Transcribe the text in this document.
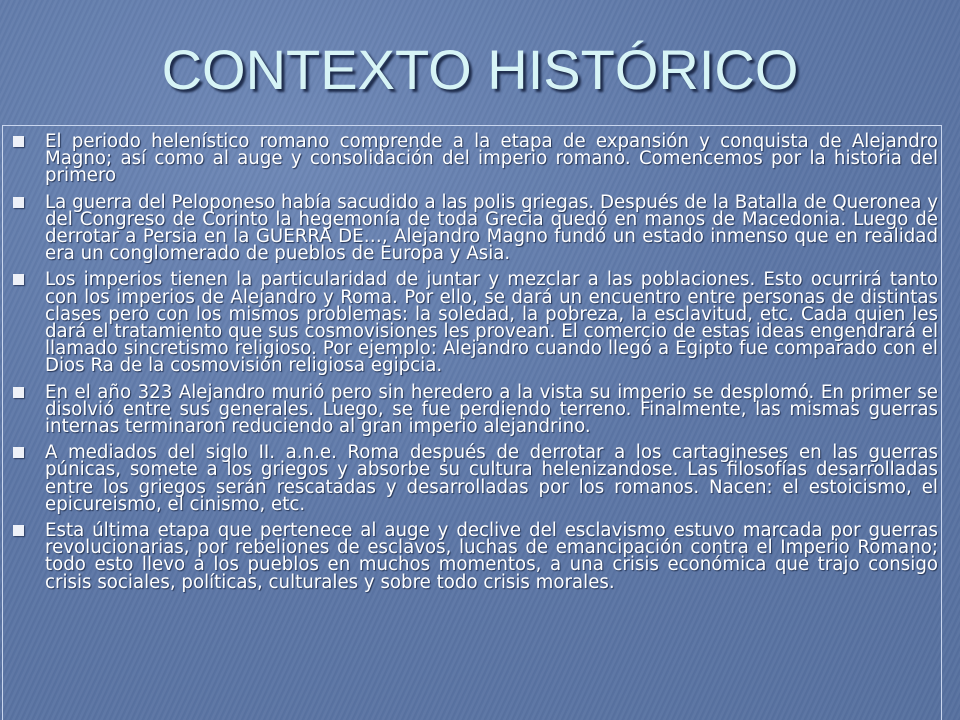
CONTEXTO HISTÓRICO
El periodo helenístico romano comprende a la etapa de expansión y conquista de Alejandro Magno; así como al auge y consolidación del imperio romano. Comencemos por la historia del primero
La guerra del Peloponeso había sacudido a las polis griegas. Después de la Batalla de Queronea y del Congreso de Corinto la hegemonía de toda Grecia quedó en manos de Macedonia. Luego de derrotar a Persia en la GUERRA DE…, Alejandro Magno fundó un estado inmenso que en realidad era un conglomerado de pueblos de Europa y Asia.
Los imperios tienen la particularidad de juntar y mezclar a las poblaciones. Esto ocurrirá tanto con los imperios de Alejandro y Roma. Por ello, se dará un encuentro entre personas de distintas clases pero con los mismos problemas: la soledad, la pobreza, la esclavitud, etc. Cada quien les dará el tratamiento que sus cosmovisiones les provean. El comercio de estas ideas engendrará el llamado sincretismo religioso. Por ejemplo: Alejandro cuando llegó a Egipto fue comparado con el Dios Ra de la cosmovisión religiosa egipcia.
En el año 323 Alejandro murió pero sin heredero a la vista su imperio se desplomó. En primer se disolvió entre sus generales. Luego, se fue perdiendo terreno. Finalmente, las mismas guerras internas terminaron reduciendo al gran imperio alejandrino.
A mediados del siglo II. a.n.e. Roma después de derrotar a los cartagineses en las guerras púnicas, somete a los griegos y absorbe su cultura helenizandose. Las filosofías desarrolladas entre los griegos serán rescatadas y desarrolladas por los romanos. Nacen: el estoicismo, el epicureismo, el cinismo, etc.
Esta última etapa que pertenece al auge y declive del esclavismo estuvo marcada por guerras revolucionarias, por rebeliones de esclavos, luchas de emancipación contra el Imperio Romano; todo esto llevo a los pueblos en muchos momentos, a una crisis económica que trajo consigo crisis sociales, políticas, culturales y sobre todo crisis morales.
